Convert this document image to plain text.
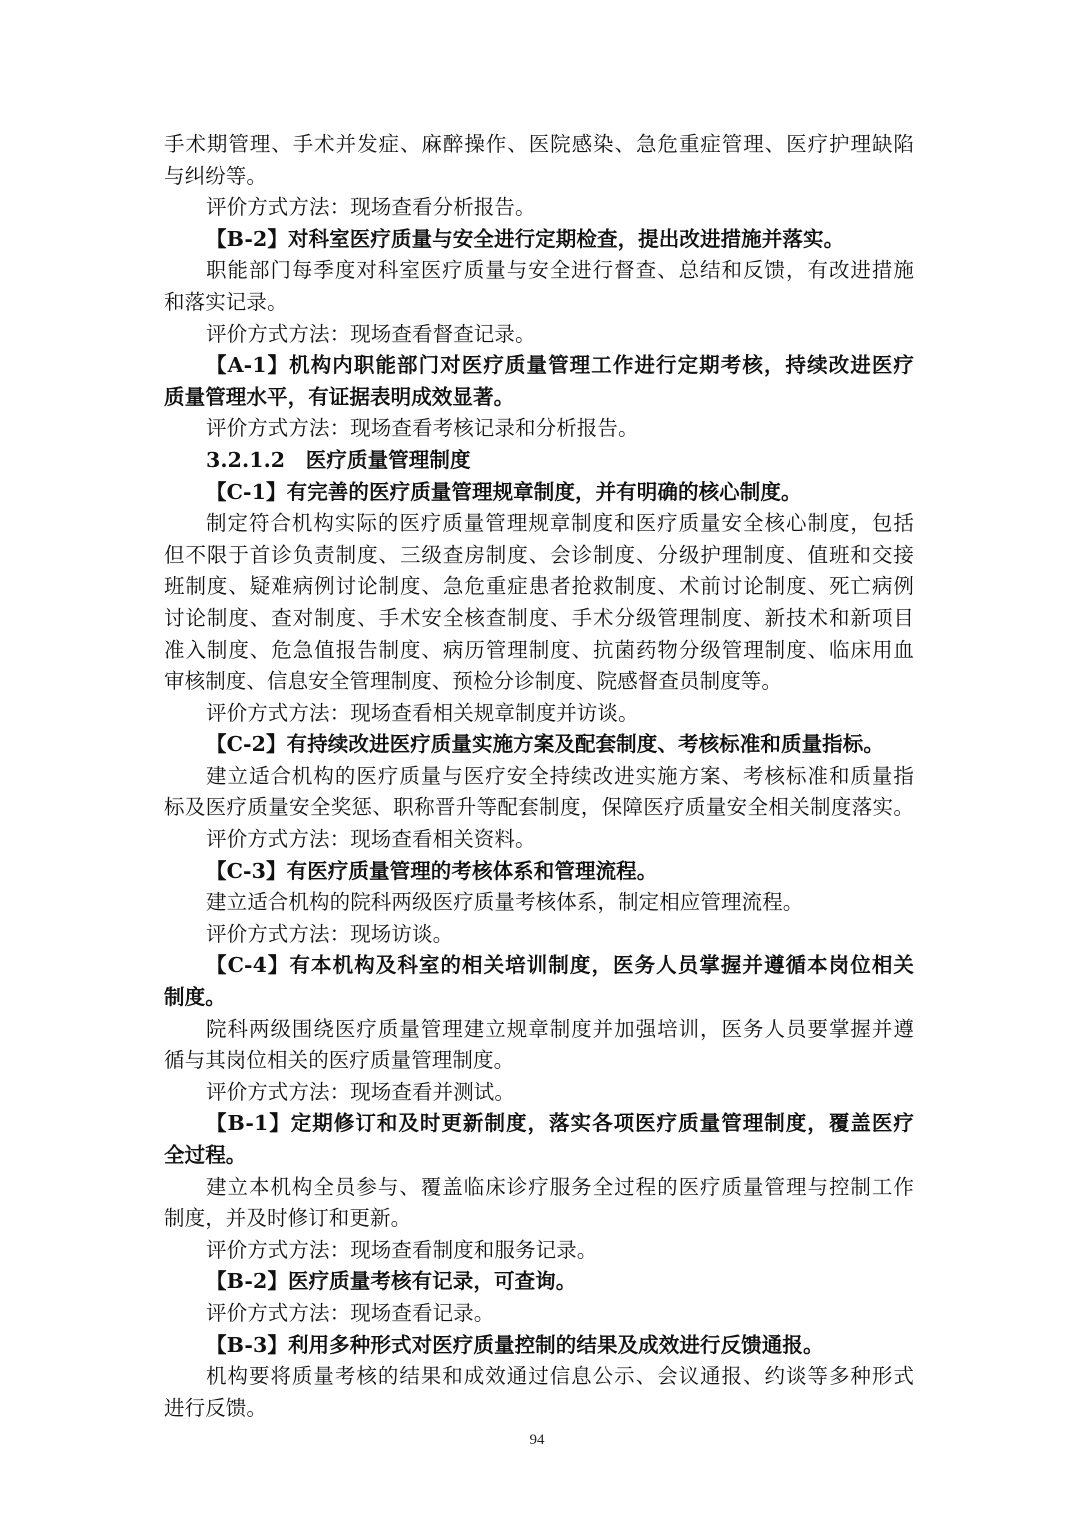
手术期管理、手术并发症、麻醉操作、医院感染、急危重症管理、医疗护理缺陷
与纠纷等。
评价方式方法：现场查看分析报告。
【B-2】对科室医疗质量与安全进行定期检查，提出改进措施并落实。
职能部门每季度对科室医疗质量与安全进行督查、总结和反馈，有改进措施
和落实记录。
评价方式方法：现场查看督查记录。
【A-1】机构内职能部门对医疗质量管理工作进行定期考核，持续改进医疗
质量管理水平，有证据表明成效显著。
评价方式方法：现场查看考核记录和分析报告。
3.2.1.2　医疗质量管理制度
【C-1】有完善的医疗质量管理规章制度，并有明确的核心制度。
制定符合机构实际的医疗质量管理规章制度和医疗质量安全核心制度，包括
但不限于首诊负责制度、三级查房制度、会诊制度、分级护理制度、值班和交接
班制度、疑难病例讨论制度、急危重症患者抢救制度、术前讨论制度、死亡病例
讨论制度、查对制度、手术安全核查制度、手术分级管理制度、新技术和新项目
准入制度、危急值报告制度、病历管理制度、抗菌药物分级管理制度、临床用血
审核制度、信息安全管理制度、预检分诊制度、院感督查员制度等。
评价方式方法：现场查看相关规章制度并访谈。
【C-2】有持续改进医疗质量实施方案及配套制度、考核标准和质量指标。
建立适合机构的医疗质量与医疗安全持续改进实施方案、考核标准和质量指
标及医疗质量安全奖惩、职称晋升等配套制度，保障医疗质量安全相关制度落实。
评价方式方法：现场查看相关资料。
【C-3】有医疗质量管理的考核体系和管理流程。
建立适合机构的院科两级医疗质量考核体系，制定相应管理流程。
评价方式方法：现场访谈。
【C-4】有本机构及科室的相关培训制度，医务人员掌握并遵循本岗位相关
制度。
院科两级围绕医疗质量管理建立规章制度并加强培训，医务人员要掌握并遵
循与其岗位相关的医疗质量管理制度。
评价方式方法：现场查看并测试。
【B-1】定期修订和及时更新制度，落实各项医疗质量管理制度，覆盖医疗
全过程。
建立本机构全员参与、覆盖临床诊疗服务全过程的医疗质量管理与控制工作
制度，并及时修订和更新。
评价方式方法：现场查看制度和服务记录。
【B-2】医疗质量考核有记录，可查询。
评价方式方法：现场查看记录。
【B-3】利用多种形式对医疗质量控制的结果及成效进行反馈通报。
机构要将质量考核的结果和成效通过信息公示、会议通报、约谈等多种形式
进行反馈。
94
